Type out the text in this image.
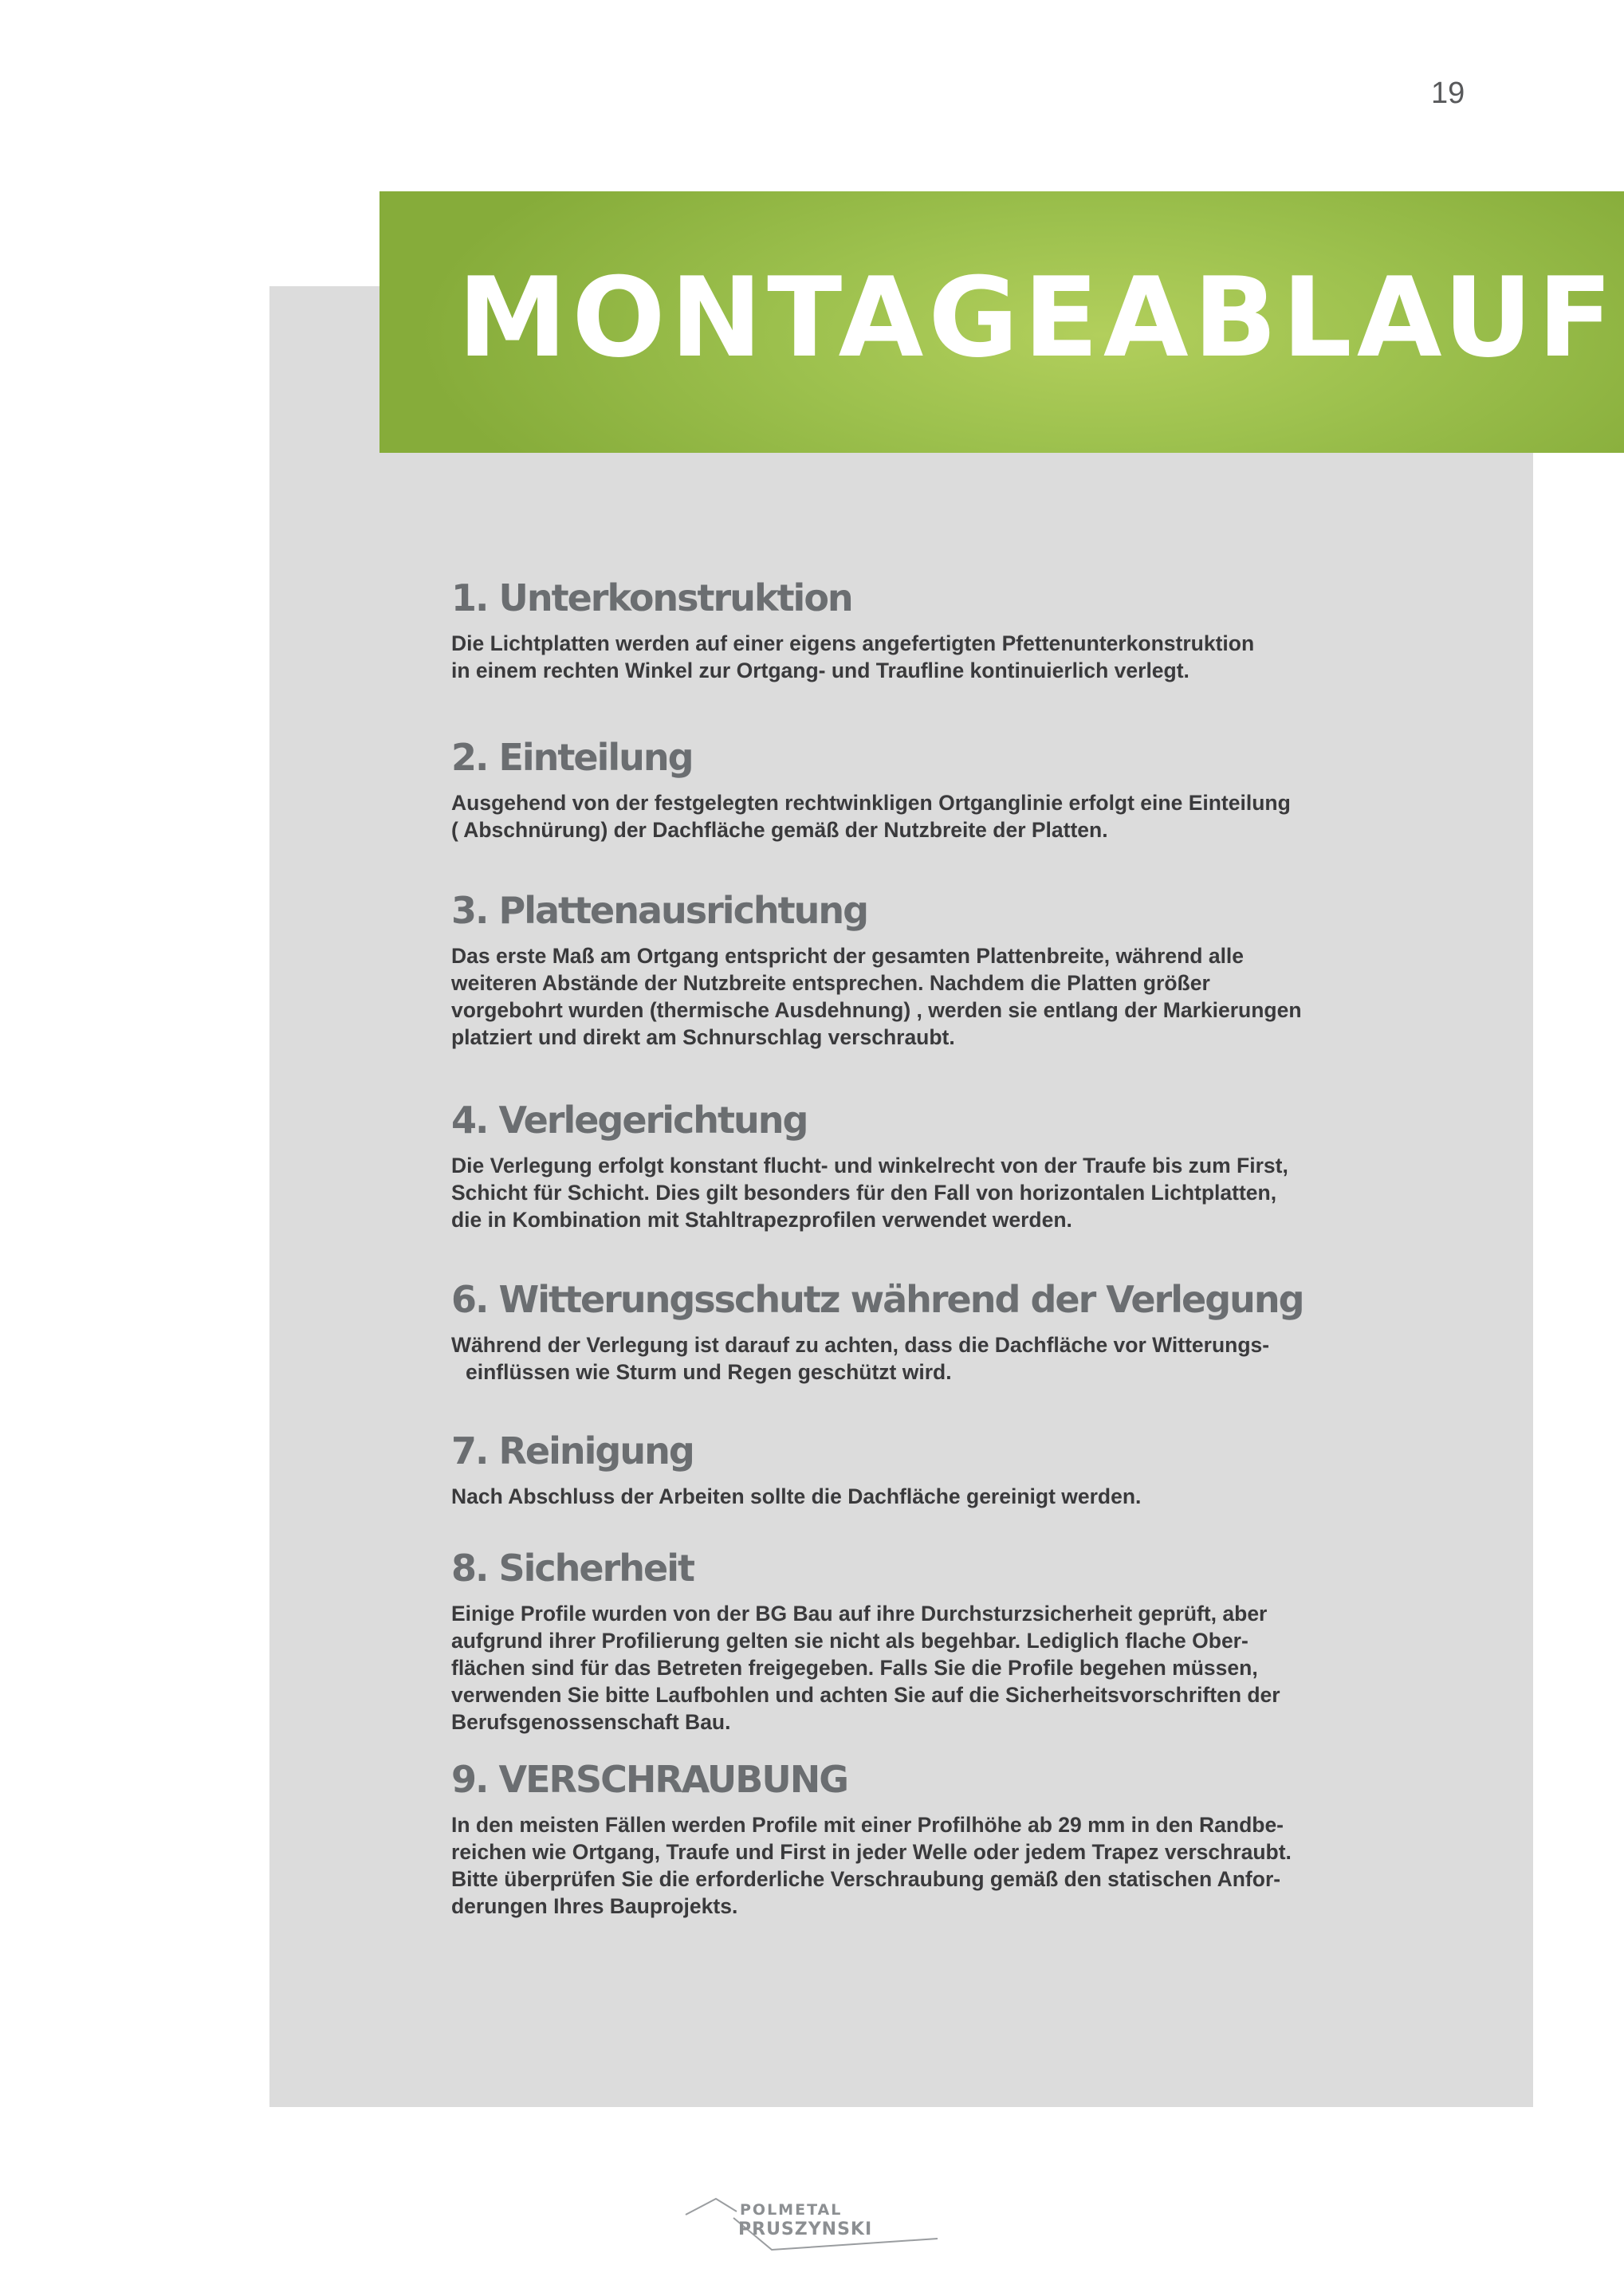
19
MONTAGEABLAUF
1. Unterkonstruktion

Die Lichtplatten werden auf einer eigens angefertigten Pfettenunterkonstruktion
in einem rechten Winkel zur Ortgang- und Traufline kontinuierlich verlegt.

2. Einteilung

Ausgehend von der festgelegten rechtwinkligen Ortganglinie erfolgt eine Einteilung
( Abschnürung) der Dachfläche gemäß der Nutzbreite der Platten.

3. Plattenausrichtung

Das erste Maß am Ortgang entspricht der gesamten Plattenbreite, während alle
weiteren Abstände der Nutzbreite entsprechen. Nachdem die Platten größer
vorgebohrt wurden (thermische Ausdehnung) , werden sie entlang der Markierungen
platziert und direkt am Schnurschlag verschraubt.

4. Verlegerichtung

Die Verlegung erfolgt konstant flucht- und winkelrecht von der Traufe bis zum First,
Schicht für Schicht. Dies gilt besonders für den Fall von horizontalen Lichtplatten,
die in Kombination mit Stahltrapezprofilen verwendet werden.

6. Witterungsschutz während der Verlegung

Während der Verlegung ist darauf zu achten, dass die Dachfläche vor Witterungs-
einflüssen wie Sturm und Regen geschützt wird.

7. Reinigung

Nach Abschluss der Arbeiten sollte die Dachfläche gereinigt werden.

8. Sicherheit

Einige Profile wurden von der BG Bau auf ihre Durchsturzsicherheit geprüft, aber
aufgrund ihrer Profilierung gelten sie nicht als begehbar. Lediglich flache Ober-
flächen sind für das Betreten freigegeben. Falls Sie die Profile begehen müssen,
verwenden Sie bitte Laufbohlen und achten Sie auf die Sicherheitsvorschriften der
Berufsgenossenschaft Bau.

9. VERSCHRAUBUNG

In den meisten Fällen werden Profile mit einer Profilhöhe ab 29 mm in den Randbe-
reichen wie Ortgang, Traufe und First in jeder Welle oder jedem Trapez verschraubt.
Bitte überprüfen Sie die erforderliche Verschraubung gemäß den statischen Anfor-
derungen Ihres Bauprojekts.

POLMETAL
PRUSZYNSKI
